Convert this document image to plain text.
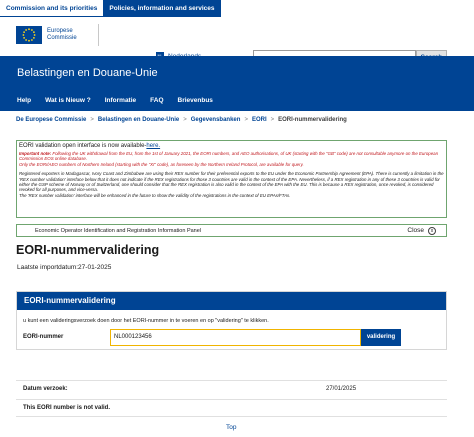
Commission and its priorities	Policies, information and services
Europese
Commissie
Belastingen en Douane-Unie
Help Wat is Nieuw ? Informatie FAQ Brievenbus
De Europese Commissie > Belastingen en Douane-Unie > Gegevensbanken > EORI > EORI-nummervalidering
EORI validation open interface is now available-here.
Important note: Following the UK withdrawal from the EU, from the 1st of January 2021, the EORI numbers, and AEO authorisations, of UK (starting with the "GB" code) are not consultable anymore on the European Commission EOS online database.
Only the EORI/AEO numbers of Northern Ireland (starting with the "XI" code), as foreseen by the Northern Ireland Protocol, are available for query.
Registered exporters in Madagascar, Ivory Coast and Zimbabwe are using their REX number for their preferential exports to the EU under the Economic Partnership Agreement (EPA). There is currently a limitation in the 'REX number validation' interface below that it does not indicate if the REX registrations for those 3 countries are valid in the context of the EPA. Nevertheless, if a REX registration in any of these 3 countries is valid for either the GSP scheme of Norway or of Switzerland, one should consider that the REX registration is also valid in the context of the EPA with the EU. This is because a REX registration, once revoked, is considered revoked for all purposes, and vice-versa.
The 'REX number validation' interface will be enhanced in the future to show the validity of the registrations in the context of EU EPAs/FTAs.
Economic Operator Identification and Registration Information Panel	Close	x
EORI-nummervalidering
Laatste importdatum:27-01-2025
EORI-nummervalidering
u kunt een valideringsverzoek doen door het EORI-nummer in te voeren en op "validering" te klikken.
EORI-nummer	NL000123456	validering
Datum verzoek:	27/01/2025
This EORI number is not valid.
Top
